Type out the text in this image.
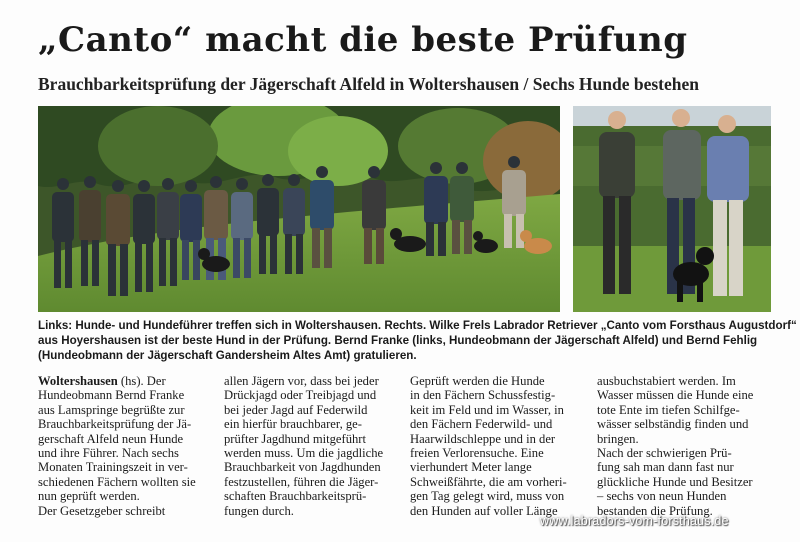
„Canto“ macht die beste Prüfung
Brauchbarkeitsprüfung der Jägerschaft Alfeld in Woltershausen / Sechs Hunde bestehen

Links: Hunde- und Hundeführer treffen sich in Woltershausen. Rechts. Wilke Frels Labrador Retriever „Canto vom Forsthaus Augustdorf“

aus Hoyershausen ist der beste Hund in der Prüfung. Bernd Franke (links, Hundeobmann der Jägerschaft Alfeld) und Bernd Fehlig

(Hundeobmann der Jägerschaft Gandersheim Altes Amt) gratulieren.

Woltershausen (hs). Der

Hundeobmann Bernd Franke

aus Lamspringe begrüßte zur

Brauchbarkeitsprüfung der Jä-

gerschaft Alfeld neun Hunde

und ihre Führer. Nach sechs

Monaten Trainingszeit in ver-

schiedenen Fächern wollten sie

nun geprüft werden.

Der Gesetzgeber schreibt

allen Jägern vor, dass bei jeder

Drückjagd oder Treibjagd und

bei jeder Jagd auf Federwild

ein hierfür brauchbarer, ge-

prüfter Jagdhund mitgeführt

werden muss. Um die jagdliche

Brauchbarkeit von Jagdhunden

festzustellen, führen die Jäger-

schaften Brauchbarkeitsprü-

fungen durch.

Geprüft werden die Hunde

in den Fächern Schussfestig-

keit im Feld und im Wasser, in

den Fächern Federwild- und

Haarwildschleppe und in der

freien Verlorensuche. Eine

vierhundert Meter lange

Schweißfährte, die am vorheri-

gen Tag gelegt wird, muss von

den Hunden auf voller Länge

ausbuchstabiert werden. Im

Wasser müssen die Hunde eine

tote Ente im tiefen Schilfge-

wässer selbständig finden und

bringen.

Nach der schwierigen Prü-

fung sah man dann fast nur

glückliche Hunde und Besitzer

– sechs von neun Hunden

bestanden die Prüfung.

www.labradors-vom-forsthaus.de
